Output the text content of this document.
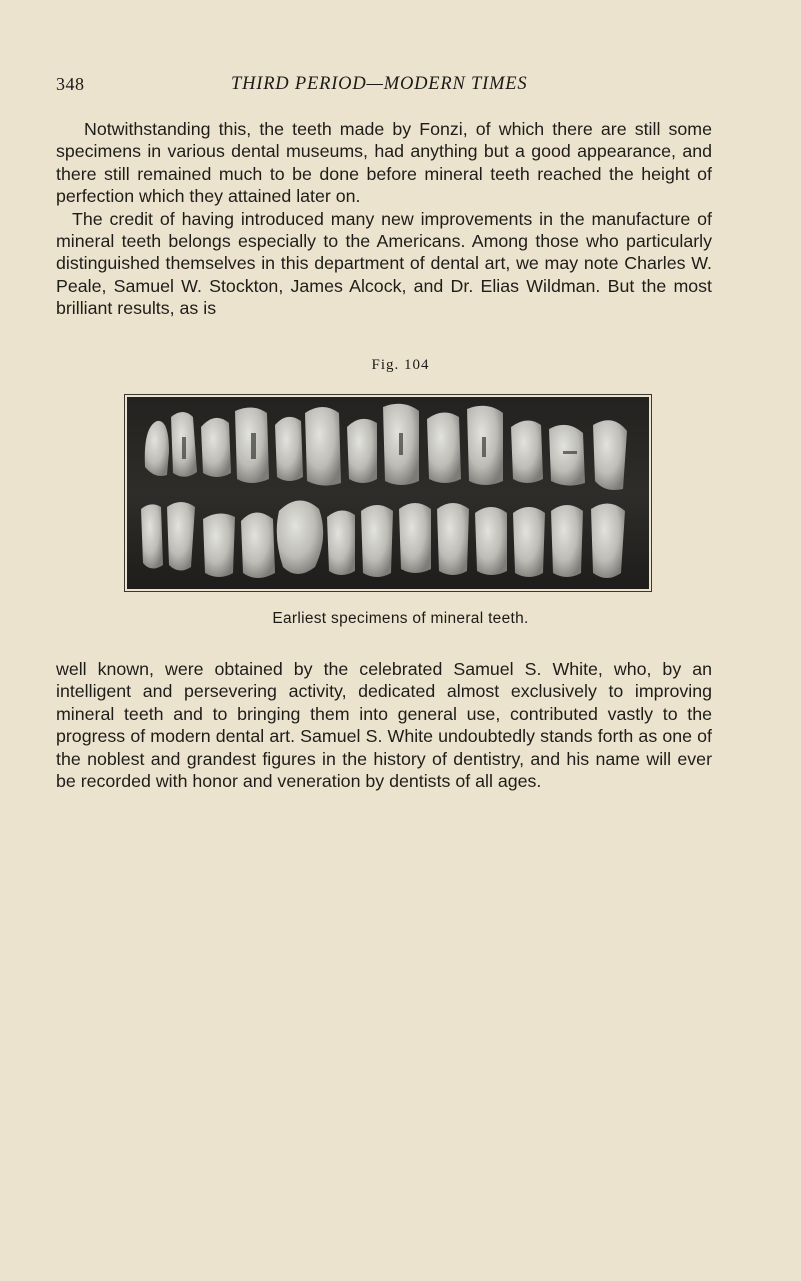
348	THIRD PERIOD—MODERN TIMES

Notwithstanding this, the teeth made by Fonzi, of which there are still some specimens in various dental museums, had anything but a good appearance, and there still remained much to be done before mineral teeth reached the height of perfection which they attained later on.

The credit of having introduced many new improvements in the manufacture of mineral teeth belongs especially to the Americans. Among those who particularly distinguished themselves in this department of dental art, we may note Charles W. Peale, Samuel W. Stockton, James Alcock, and Dr. Elias Wildman. But the most brilliant results, as is

Fig. 104
Earliest specimens of mineral teeth.

well known, were obtained by the celebrated Samuel S. White, who, by an intelligent and persevering activity, dedicated almost exclusively to improving mineral teeth and to bringing them into general use, contributed vastly to the progress of modern dental art. Samuel S. White undoubtedly stands forth as one of the noblest and grandest figures in the history of dentistry, and his name will ever be recorded with honor and veneration by dentists of all ages.
